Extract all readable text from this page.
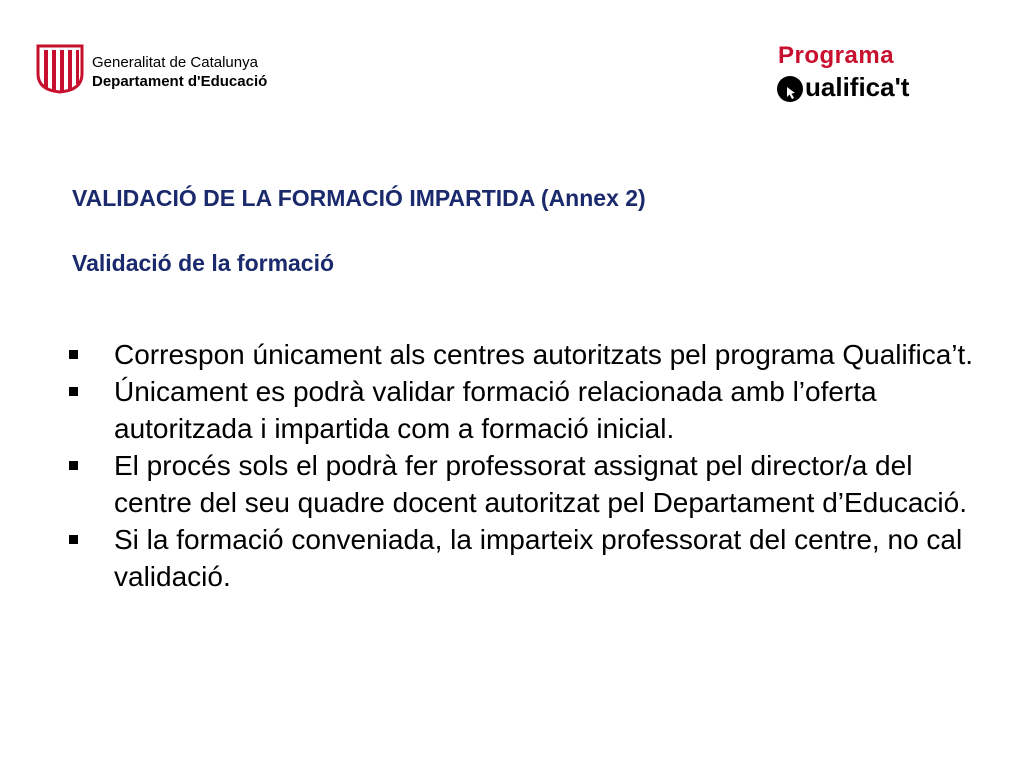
Generalitat de Catalunya
Departament d'Educació
Programa
ualifica't
VALIDACIÓ DE LA FORMACIÓ IMPARTIDA (Annex 2)
Validació de la formació
Correspon únicament als centres autoritzats pel programa Qualifica’t.
Únicament es podrà validar formació relacionada amb l’oferta autoritzada i impartida com a formació inicial.
El procés sols el podrà fer professorat assignat pel director/a del centre del seu quadre docent autoritzat pel Departament d’Educació.
Si la formació conveniada, la imparteix professorat del centre, no cal validació.
